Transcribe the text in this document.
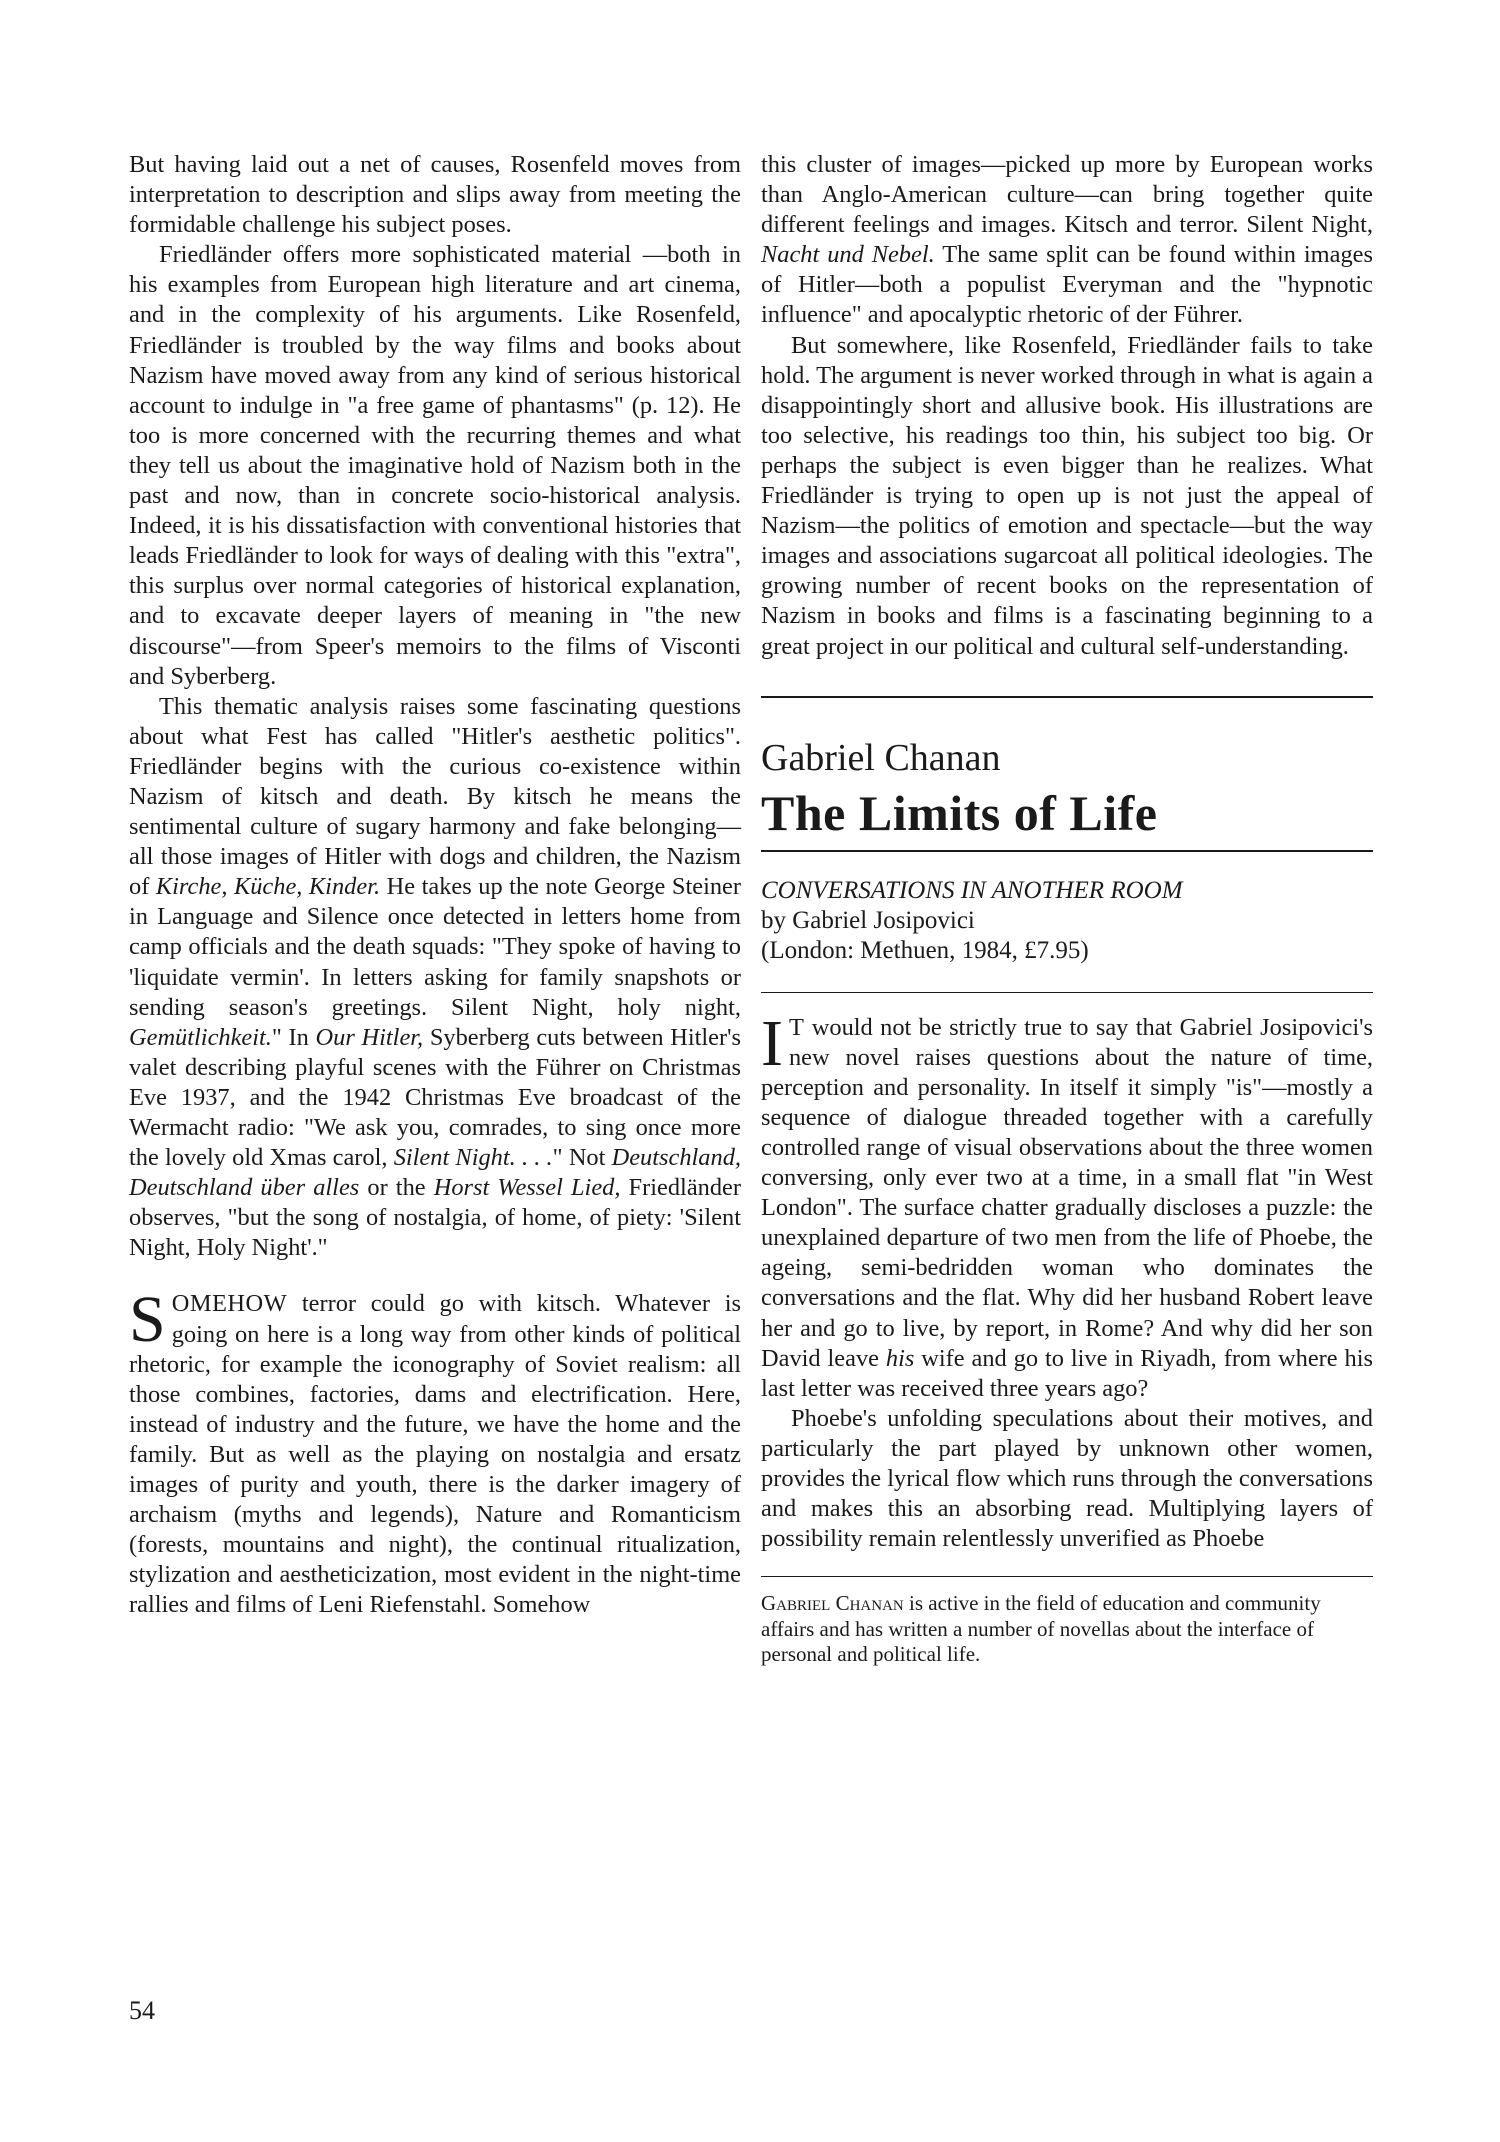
But having laid out a net of causes, Rosenfeld moves from interpretation to description and slips away from meeting the formidable challenge his subject poses.

Friedländer offers more sophisticated material —both in his examples from European high literature and art cinema, and in the complexity of his arguments. Like Rosenfeld, Friedländer is troubled by the way films and books about Nazism have moved away from any kind of serious historical account to indulge in "a free game of phantasms" (p. 12). He too is more concerned with the recurring themes and what they tell us about the imaginative hold of Nazism both in the past and now, than in concrete socio-historical analysis. Indeed, it is his dissatisfaction with conventional histories that leads Friedländer to look for ways of dealing with this "extra", this surplus over normal categories of historical explanation, and to excavate deeper layers of meaning in "the new discourse"—from Speer's memoirs to the films of Visconti and Syberberg.

This thematic analysis raises some fascinating questions about what Fest has called "Hitler's aesthetic politics". Friedländer begins with the curious co-existence within Nazism of kitsch and death. By kitsch he means the sentimental culture of sugary harmony and fake belonging—all those images of Hitler with dogs and children, the Nazism of Kirche, Küche, Kinder. He takes up the note George Steiner in Language and Silence once detected in letters home from camp officials and the death squads: "They spoke of having to 'liquidate vermin'. In letters asking for family snapshots or sending season's greetings. Silent Night, holy night, Gemütlichkeit." In Our Hitler, Syberberg cuts between Hitler's valet describing playful scenes with the Führer on Christmas Eve 1937, and the 1942 Christmas Eve broadcast of the Wermacht radio: "We ask you, comrades, to sing once more the lovely old Xmas carol, Silent Night. . . ." Not Deutschland, Deutschland über alles or the Horst Wessel Lied, Friedländer observes, "but the song of nostalgia, of home, of piety: 'Silent Night, Holy Night'."

SOMEHOW terror could go with kitsch. Whatever is going on here is a long way from other kinds of political rhetoric, for example the iconography of Soviet realism: all those combines, factories, dams and electrification. Here, instead of industry and the future, we have the home and the family. But as well as the playing on nostalgia and ersatz images of purity and youth, there is the darker imagery of archaism (myths and legends), Nature and Romanticism (forests, mountains and night), the continual ritualization, stylization and aestheticization, most evident in the night-time rallies and films of Leni Riefenstahl. Somehow

this cluster of images—picked up more by European works than Anglo-American culture—can bring together quite different feelings and images. Kitsch and terror. Silent Night, Nacht und Nebel. The same split can be found within images of Hitler—both a populist Everyman and the "hypnotic influence" and apocalyptic rhetoric of der Führer.

But somewhere, like Rosenfeld, Friedländer fails to take hold. The argument is never worked through in what is again a disappointingly short and allusive book. His illustrations are too selective, his readings too thin, his subject too big. Or perhaps the subject is even bigger than he realizes. What Friedländer is trying to open up is not just the appeal of Nazism—the politics of emotion and spectacle—but the way images and associations sugarcoat all political ideologies. The growing number of recent books on the representation of Nazism in books and films is a fascinating beginning to a great project in our political and cultural self-understanding.

Gabriel Chanan
The Limits of Life
CONVERSATIONS IN ANOTHER ROOM
by Gabriel Josipovici
(London: Methuen, 1984, £7.95)

I T would not be strictly true to say that Gabriel Josipovici's new novel raises questions about the nature of time, perception and personality. In itself it simply "is"—mostly a sequence of dialogue threaded together with a carefully controlled range of visual observations about the three women conversing, only ever two at a time, in a small flat "in West London". The surface chatter gradually discloses a puzzle: the unexplained departure of two men from the life of Phoebe, the ageing, semi-bedridden woman who dominates the conversations and the flat. Why did her husband Robert leave her and go to live, by report, in Rome? And why did her son David leave his wife and go to live in Riyadh, from where his last letter was received three years ago?

Phoebe's unfolding speculations about their motives, and particularly the part played by unknown other women, provides the lyrical flow which runs through the conversations and makes this an absorbing read. Multiplying layers of possibility remain relentlessly unverified as Phoebe

Gabriel Chanan is active in the field of education and community affairs and has written a number of novellas about the interface of personal and political life.
54
